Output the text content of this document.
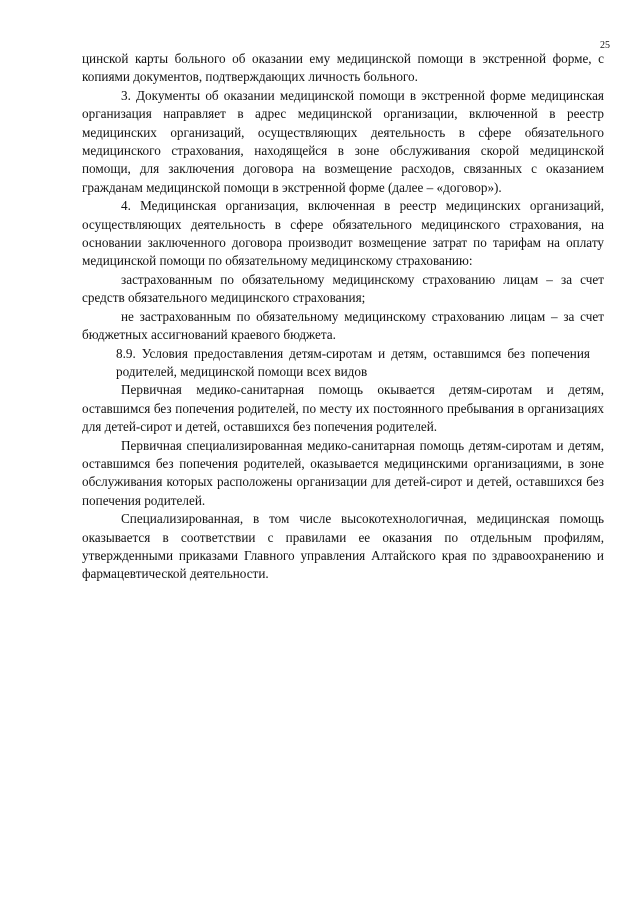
25

цинской карты больного об оказании ему медицинской помощи в экстренной форме, с копиями документов, подтверждающих личность больного.

3. Документы об оказании медицинской помощи в экстренной форме медицинская организация направляет в адрес медицинской организации, включенной в реестр медицинских организаций, осуществляющих деятельность в сфере обязательного медицинского страхования, находящейся в зоне обслуживания скорой медицинской помощи, для заключения договора на возмещение расходов, связанных с оказанием гражданам медицинской помощи в экстренной форме (далее – «договор»).

4. Медицинская организация, включенная в реестр медицинских организаций, осуществляющих деятельность в сфере обязательного медицинского страхования, на основании заключенного договора производит возмещение затрат по тарифам на оплату медицинской помощи по обязательному медицинскому страхованию:

застрахованным по обязательному медицинскому страхованию лицам – за счет средств обязательного медицинского страхования;

не застрахованным по обязательному медицинскому страхованию лицам – за счет бюджетных ассигнований краевого бюджета.

8.9. Условия предоставления детям-сиротам и детям, оставшимся без попечения родителей, медицинской помощи всех видов

Первичная медико-санитарная помощь окывается детям-сиротам и детям, оставшимся без попечения родителей, по месту их постоянного пребывания в организациях для детей-сирот и детей, оставшихся без попечения родителей.

Первичная специализированная медико-санитарная помощь детям-сиротам и детям, оставшимся без попечения родителей, оказывается медицинскими организациями, в зоне обслуживания которых расположены организации для детей-сирот и детей, оставшихся без попечения родителей.

Специализированная, в том числе высокотехнологичная, медицинская помощь оказывается в соответствии с правилами ее оказания по отдельным профилям, утвержденными приказами Главного управления Алтайского края по здравоохранению и фармацевтической деятельности.
